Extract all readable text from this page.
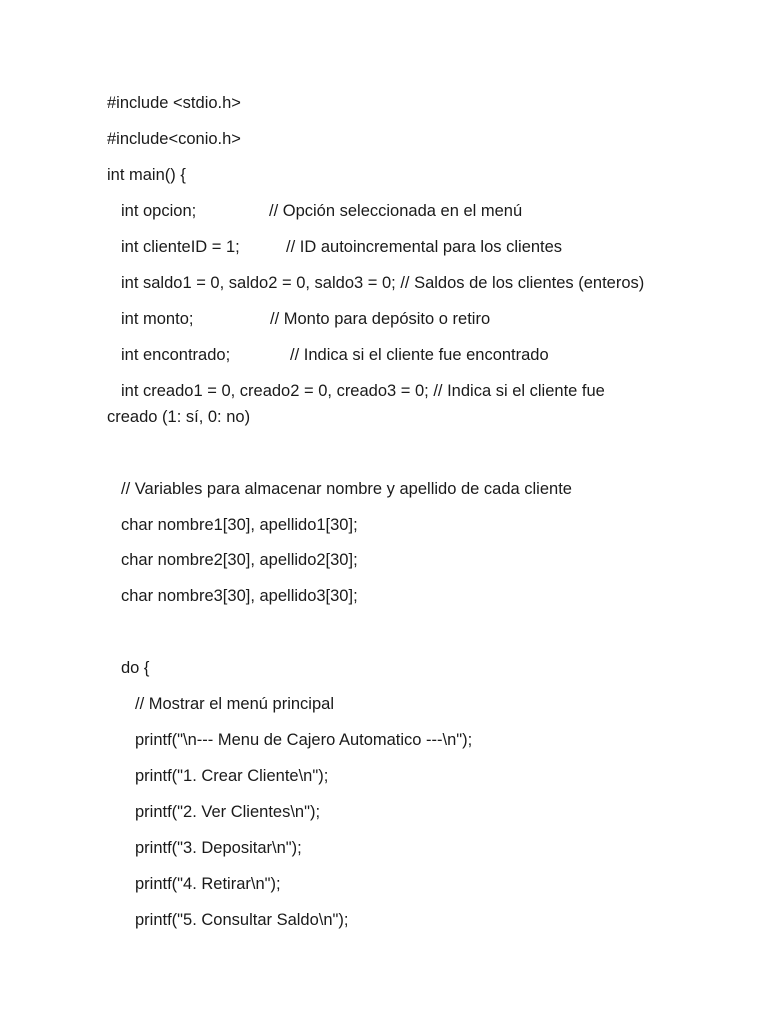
#include <stdio.h>

#include<conio.h>

int main() {

int opcion;	// Opción seleccionada en el menú

int clienteID = 1;	// ID autoincremental para los clientes

int saldo1 = 0, saldo2 = 0, saldo3 = 0; // Saldos de los clientes (enteros)

int monto;	// Monto para depósito o retiro

int encontrado;	// Indica si el cliente fue encontrado

int creado1 = 0, creado2 = 0, creado3 = 0; // Indica si el cliente fue

creado (1: sí, 0: no)

// Variables para almacenar nombre y apellido de cada cliente

char nombre1[30], apellido1[30];

char nombre2[30], apellido2[30];

char nombre3[30], apellido3[30];

do {

// Mostrar el menú principal

printf("\n--- Menu de Cajero Automatico ---\n");

printf("1. Crear Cliente\n");

printf("2. Ver Clientes\n");

printf("3. Depositar\n");

printf("4. Retirar\n");

printf("5. Consultar Saldo\n");
